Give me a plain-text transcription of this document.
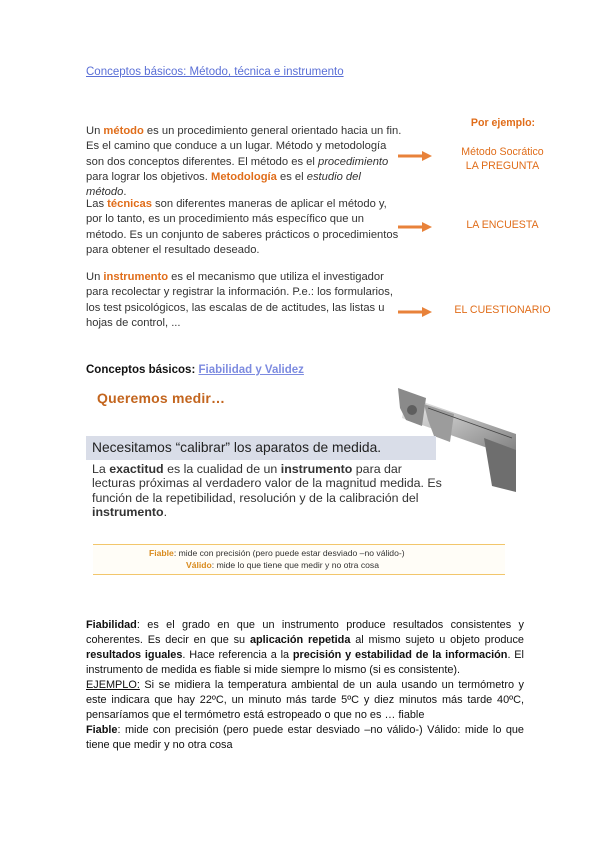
Conceptos básicos: Método, técnica e instrumento
Un método es un procedimiento general orientado hacia un fin. Es el camino que conduce a un lugar. Método y metodología son dos conceptos diferentes. El método es el procedimiento para lograr los objetivos. Metodología es el estudio del método.
Las técnicas son diferentes maneras de aplicar el método y, por lo tanto, es un procedimiento más específico que un método. Es un conjunto de saberes prácticos o procedimientos para obtener el resultado deseado.
Un instrumento es el mecanismo que utiliza el investigador para recolectar y registrar la información. P.e.: los formularios, los test psicológicos, las escalas de de actitudes, las listas u hojas de control, ...
Por ejemplo:
Método Socrático
LA PREGUNTA
LA ENCUESTA
EL CUESTIONARIO
Conceptos básicos: Fiabilidad y Validez
Queremos medir…
Necesitamos “calibrar” los aparatos de medida.
La exactitud es la cualidad de un instrumento para dar lecturas próximas al verdadero valor de la magnitud medida. Es función de la repetibilidad, resolución y de la calibración del instrumento.
Fiable: mide con precisión (pero puede estar desviado –no válido-)
Válido: mide lo que tiene que medir y no otra cosa
Fiabilidad: es el grado en que un instrumento produce resultados consistentes y
coherentes. Es decir en que su aplicación repetida al mismo sujeto u objeto produce
resultados iguales. Hace referencia a la precisión y estabilidad de la información. El
instrumento de medida es fiable si mide siempre lo mismo (si es consistente).
EJEMPLO: Si se midiera la temperatura ambiental de un aula usando un termómetro y
este indicara que hay 22ºC, un minuto más tarde 5ºC y diez minutos más tarde 40ºC,
pensaríamos que el termómetro está estropeado o que no es … fiable
Fiable: mide con precisión (pero puede estar desviado –no válido-) Válido: mide lo que
tiene que medir y no otra cosa
